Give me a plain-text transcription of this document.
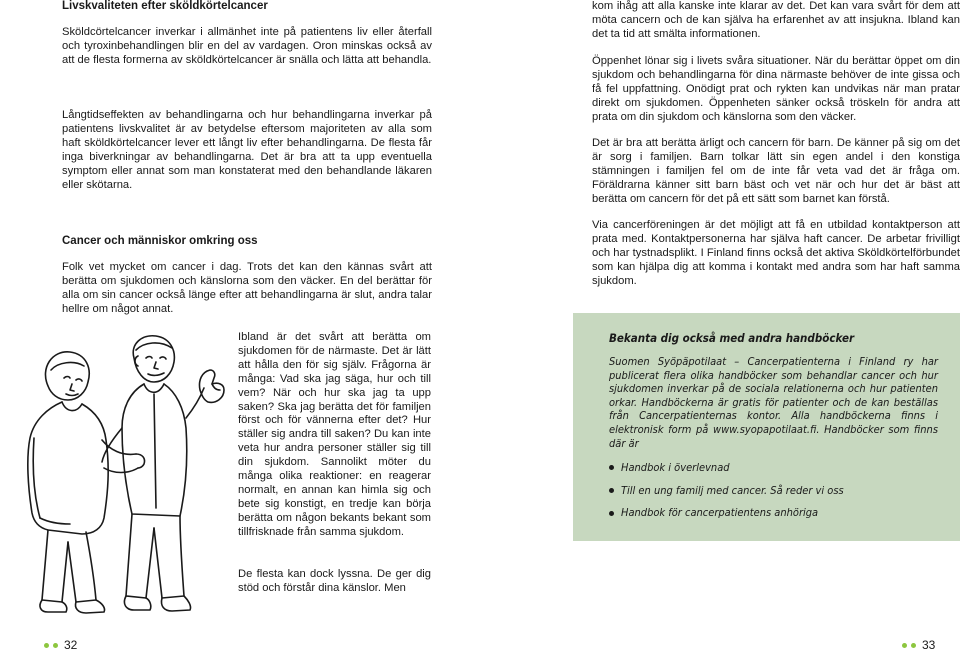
Livskvaliteten efter sköldkörtelcancer

Sköldcörtelcancer inverkar i allmänhet inte på patientens liv eller återfall och tyroxinbehandlingen blir en del av vardagen. Oron minskas också av att de flesta formerna av sköldkörtelcancer är snälla och lätta att behandla.

Långtidseffekten av behandlingarna och hur behandlingarna inverkar på patientens livskvalitet är av betydelse eftersom majoriteten av alla som haft sköldkörtelcancer lever ett långt liv efter behandlingarna. De flesta får inga biverkningar av behandlingarna. Det är bra att ta upp eventuella symptom eller annat som man konstaterat med den behandlande läkaren eller skötarna.

Cancer och människor omkring oss

Folk vet mycket om cancer i dag. Trots det kan den kännas svårt att berätta om sjukdomen och känslorna som den väcker. En del berättar för alla om sin cancer också länge efter att behandlingarna är slut, andra talar hellre om något annat.

Ibland är det svårt att berätta om sjukdomen för de närmaste. Det är lätt att hålla den för sig själv. Frågorna är många: Vad ska jag säga, hur och till vem? När och hur ska jag ta upp saken? Ska jag berätta det för familjen först och för vännerna efter det? Hur ställer sig andra till saken? Du kan inte veta hur andra personer ställer sig till din sjukdom. Sannolikt möter du många olika reaktioner: en reagerar normalt, en annan kan himla sig och bete sig konstigt, en tredje kan börja berätta om någon bekants bekant som tillfrisknade från samma sjukdom.

De flesta kan dock lyssna. De ger dig stöd och förstår dina känslor. Men

kom ihåg att alla kanske inte klarar av det. Det kan vara svårt för dem att möta cancern och de kan själva ha erfarenhet av att insjukna. Ibland kan det ta tid att smälta informationen.

Öppenhet lönar sig i livets svåra situationer. När du berättar öppet om din sjukdom och behandlingarna för dina närmaste behöver de inte gissa och få fel uppfattning. Onödigt prat och rykten kan undvikas när man pratar direkt om sjukdomen. Öppenheten sänker också tröskeln för andra att prata om din sjukdom och känslorna som den väcker.

Det är bra att berätta ärligt och cancern för barn. De känner på sig om det är sorg i familjen. Barn tolkar lätt sin egen andel i den konstiga stämningen i familjen fel om de inte får veta vad det är fråga om. Föräldrarna känner sitt barn bäst och vet när och hur det är bäst att berätta om cancern för det på ett sätt som barnet kan förstå.

Via cancerföreningen är det möjligt att få en utbildad kontaktperson att prata med. Kontaktpersonerna har själva haft cancer. De arbetar frivilligt och har tystnadsplikt. I Finland finns också det aktiva Sköldkörtelförbundet som kan hjälpa dig att komma i kontakt med andra som har haft samma sjukdom.

Bekanta dig också med andra handböcker

Suomen Syöpäpotilaat – Cancerpatienterna i Finland ry har publicerat flera olika handböcker som behandlar cancer och hur sjukdomen inverkar på de sociala relationerna och hur patienten orkar. Handböckerna är gratis för patienter och de kan beställas från Cancerpatienternas kontor. Alla handböckerna finns i elektronisk form på www.syopapotilaat.fi. Handböcker som finns där är

Handbok i överlevnad
Till en ung familj med cancer. Så reder vi oss
Handbok för cancerpatientens anhöriga
32	33
